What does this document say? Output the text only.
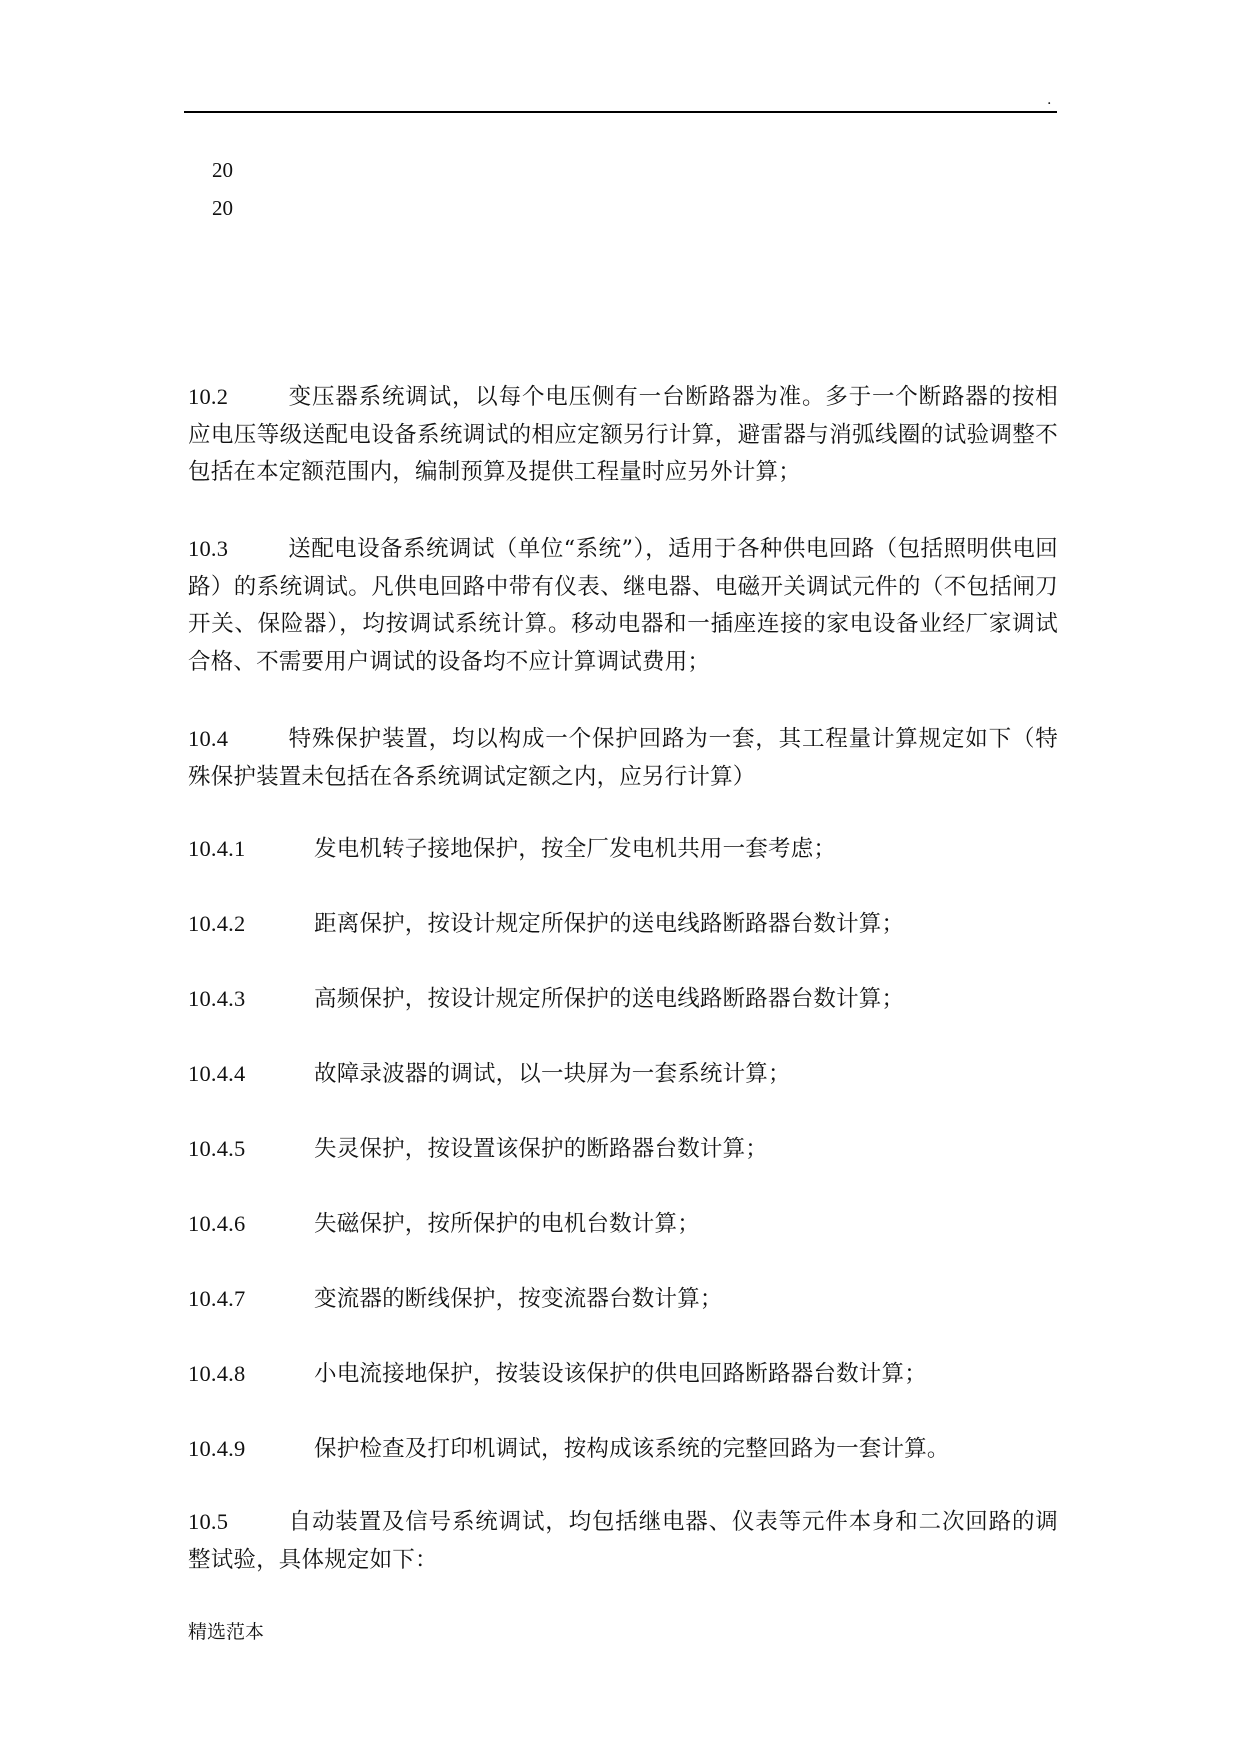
.
20
20
10.2	变压器系统调试，以每个电压侧有一台断路器为准。多于一个断路器的按相应电压等级送配电设备系统调试的相应定额另行计算，避雷器与消弧线圈的试验调整不包括在本定额范围内，编制预算及提供工程量时应另外计算；
10.3	送配电设备系统调试（单位“系统”），适用于各种供电回路（包括照明供电回路）的系统调试。凡供电回路中带有仪表、继电器、电磁开关调试元件的（不包括闸刀开关、保险器），均按调试系统计算。移动电器和一插座连接的家电设备业经厂家调试合格、不需要用户调试的设备均不应计算调试费用；
10.4	特殊保护装置，均以构成一个保护回路为一套，其工程量计算规定如下（特殊保护装置未包括在各系统调试定额之内，应另行计算）
10.4.1	发电机转子接地保护，按全厂发电机共用一套考虑；
10.4.2	距离保护，按设计规定所保护的送电线路断路器台数计算；
10.4.3	高频保护，按设计规定所保护的送电线路断路器台数计算；
10.4.4	故障录波器的调试，以一块屏为一套系统计算；
10.4.5	失灵保护，按设置该保护的断路器台数计算；
10.4.6	失磁保护，按所保护的电机台数计算；
10.4.7	变流器的断线保护，按变流器台数计算；
10.4.8	小电流接地保护，按装设该保护的供电回路断路器台数计算；
10.4.9	保护检查及打印机调试，按构成该系统的完整回路为一套计算。
10.5	自动装置及信号系统调试，均包括继电器、仪表等元件本身和二次回路的调整试验，具体规定如下：
精选范本
